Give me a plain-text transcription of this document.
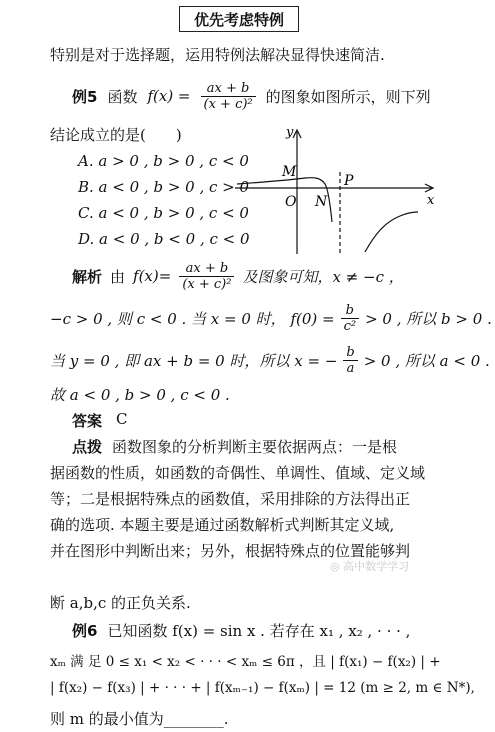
优先考虑特例
特别是对于选择题，运用特例法解决显得快速简洁.
例5 函数 $f(x) = \frac{ax + b}{\text{(x + c)²}}$ 的图象如图所示，则下列
结论成立的是(　　)
A. a > 0 , b > 0 , c < 0
B. a < 0 , b > 0 , c > 0
C. a < 0 , b > 0 , c < 0
D. a < 0 , b < 0 , c < 0
y
x
M
O N
P
解析 由 $f(x)= \frac{ax + b}{\text{(x + c)²}}$ 及图象可知，x ≠ −c ，
−c > 0 , 则 c < 0 . 当 x = 0 时， $f(0) = \frac{b}{\text{c²}} > 0$ , 所以 b > 0 .
当 y = 0 , 即 ax + b = 0 时，所以 x = − $\frac{b}{a} > 0$ , 所以 a < 0 .
故 a < 0 , b > 0 , c < 0 .
答案 C
点拨 函数图象的分析判断主要依据两点：一是根
据函数的性质，如函数的奇偶性、单调性、值域、定义域
等；二是根据特殊点的函数值，采用排除的方法得出正
确的选项. 本题主要是通过函数解析式判断其定义域,
并在图形中判断出来；另外，根据特殊点的位置能够判
◎ 高中数学学习
断 a,b,c 的正负关系.
例6 已知函数 f(x) = sin x . 若存在 x₁ , x₂ , · · · ,
xₘ 满 足 0 ≤ x₁ < x₂ < · · · < xₘ ≤ 6π ，且 | f(x₁) − f(x₂) | +
| f(x₂) − f(x₃) | + · · · + | f(xₘ₋₁) − f(xₘ) | = 12 (m ≥ 2, m ∈ N*),
则 m 的最小值为________.
